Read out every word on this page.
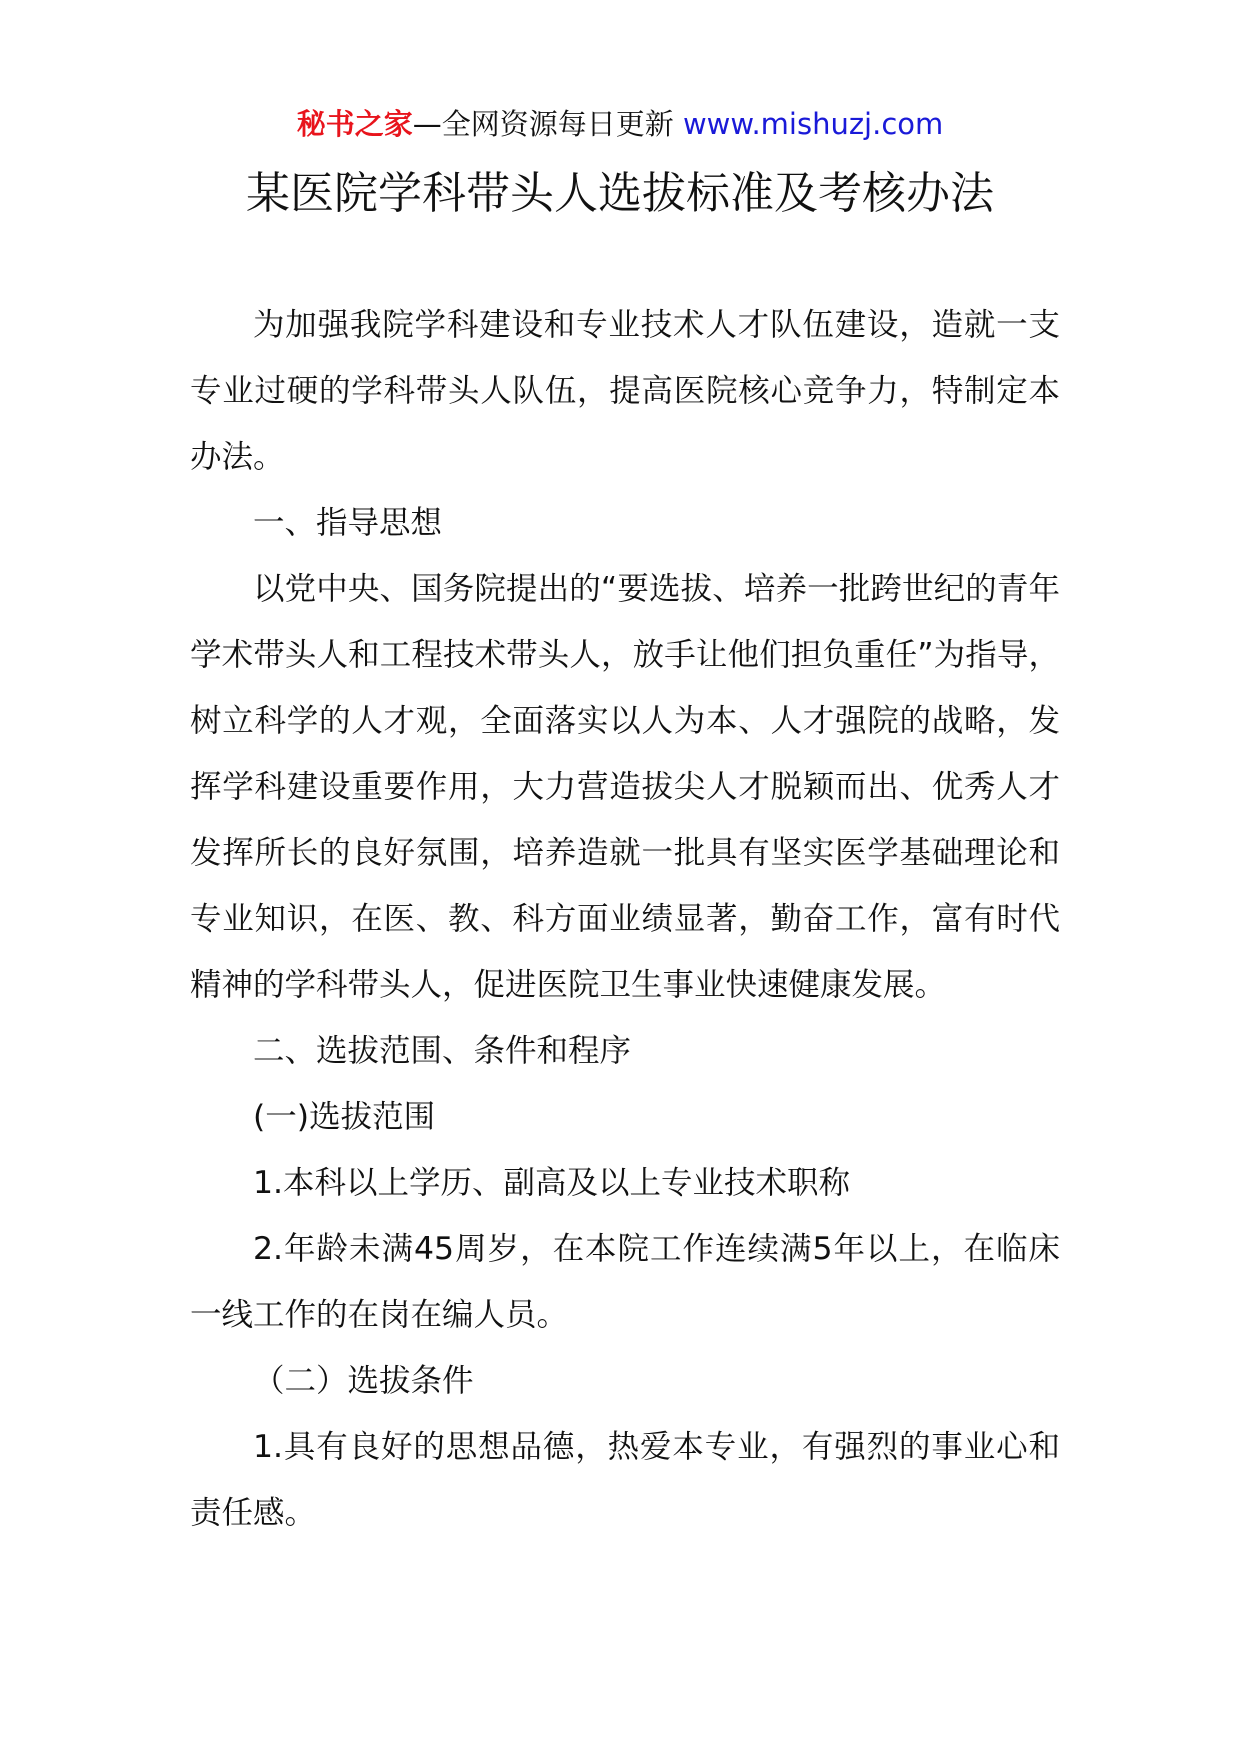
秘书之家—全网资源每日更新 www.mishuzj.com
某医院学科带头人选拔标准及考核办法

为加强我院学科建设和专业技术人才队伍建设，造就一支专业过硬的学科带头人队伍，提高医院核心竞争力，特制定本办法。

一、指导思想

以党中央、国务院提出的“要选拔、培养一批跨世纪的青年学术带头人和工程技术带头人，放手让他们担负重任”为指导，树立科学的人才观，全面落实以人为本、人才强院的战略，发挥学科建设重要作用，大力营造拔尖人才脱颖而出、优秀人才发挥所长的良好氛围，培养造就一批具有坚实医学基础理论和专业知识，在医、教、科方面业绩显著，勤奋工作，富有时代精神的学科带头人，促进医院卫生事业快速健康发展。

二、选拔范围、条件和程序

(一)选拔范围

1.本科以上学历、副高及以上专业技术职称

2.年龄未满45周岁，在本院工作连续满5年以上，在临床一线工作的在岗在编人员。

（二）选拔条件

1.具有良好的思想品德，热爱本专业，有强烈的事业心和责任感。
